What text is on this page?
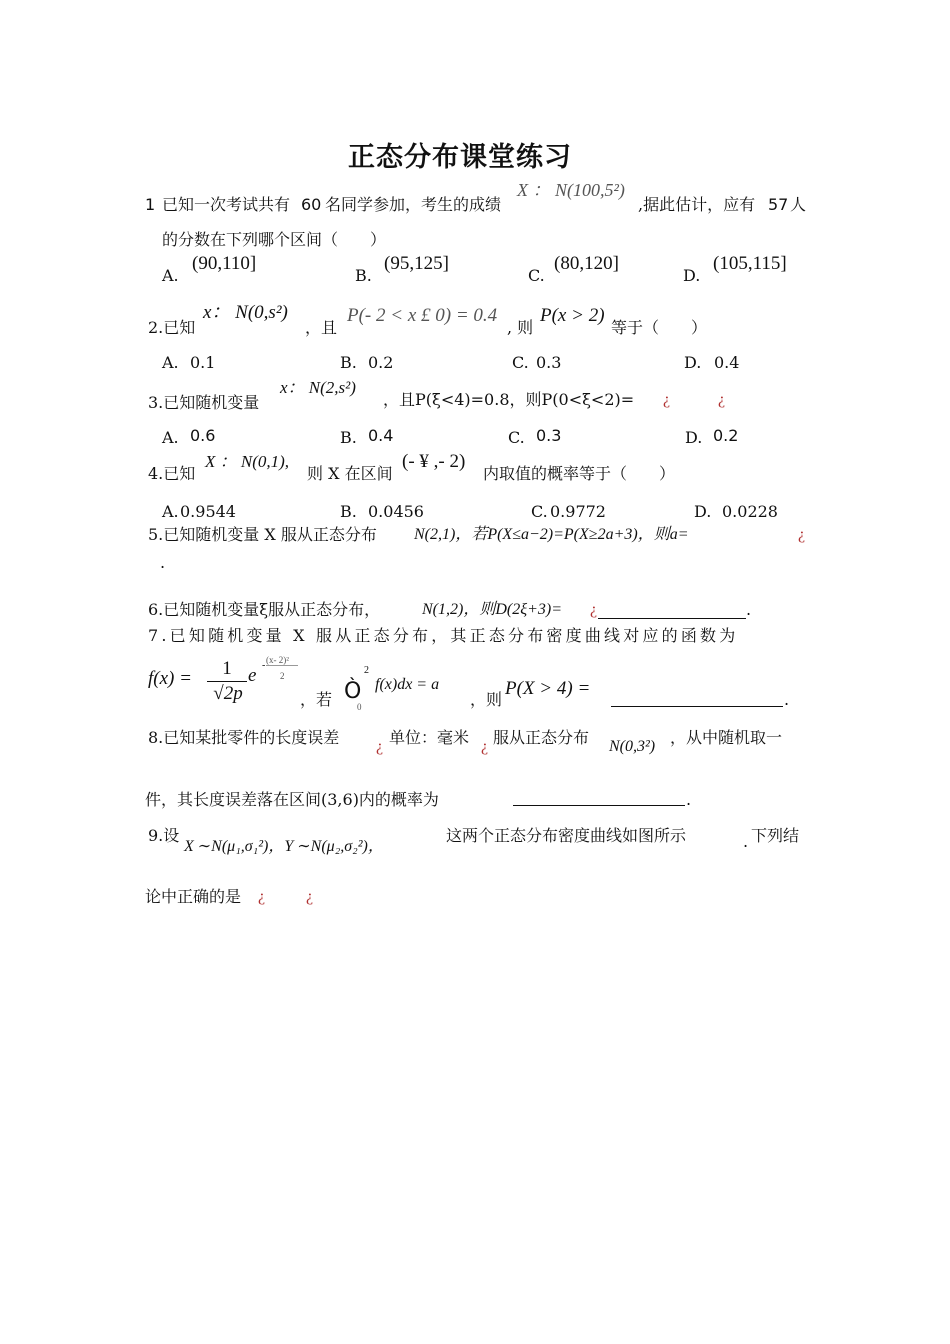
正态分布课堂练习
1 已知一次考试共有 60 名同学参加，考生的成绩
X ： N(100,5²)
,据此估计，应有 57 人
的分数在下列哪个区间（　　）
A.
(90,110]
B.
(95,125]
C.
(80,120]
D.
(105,115]
2.已知
x： N(0,s²)
，且
P(- 2 < x £ 0) = 0.4
, 则
P(x > 2)
等于（　　）
A. 0.1	B. 0.2	C. 0.3	D. 0.4
3.已知随机变量
x： N(2,s²)
，且P(ξ<4)=0.8，则P(0<ξ<2)= ¿	¿
A. 0.6	B. 0.4	C. 0.3	D. 0.2
4.已知
X ： N(0,1),
则 X 在区间
(- ¥ ,- 2)
内取值的概率等于（　　）
A. 0.9544	B. 0.0456	C. 0.9772	D. 0.0228
5.已知随机变量 X 服从正态分布 N(2,1)，若P(X≤a−2)=P(X≥2a+3)，则a=	¿
.
6.已知随机变量ξ服从正态分布，	N(1,2)，则D(2ξ+3)= ¿	.
7.已知随机变量 X 服从正态分布，其正态分布密度曲线对应的函数为
f(x) =	1
√2p
e - (x- 2)²
2
，若 Ò
2
0
f(x)dx = a
，则
P(X > 4) =
.
8.已知某批零件的长度误差 ¿ 单位：毫米 ¿ 服从正态分布 N(0,3²) ，从中随机取一
件，其长度误差落在区间(3,6)内的概率为	.
9.设
X ∼N(μ₁,σ₁²)，Y ∼N(μ₂,σ₂²)，
这两个正态分布密度曲线如图所示	. 下列结
论中正确的是 ¿	¿
